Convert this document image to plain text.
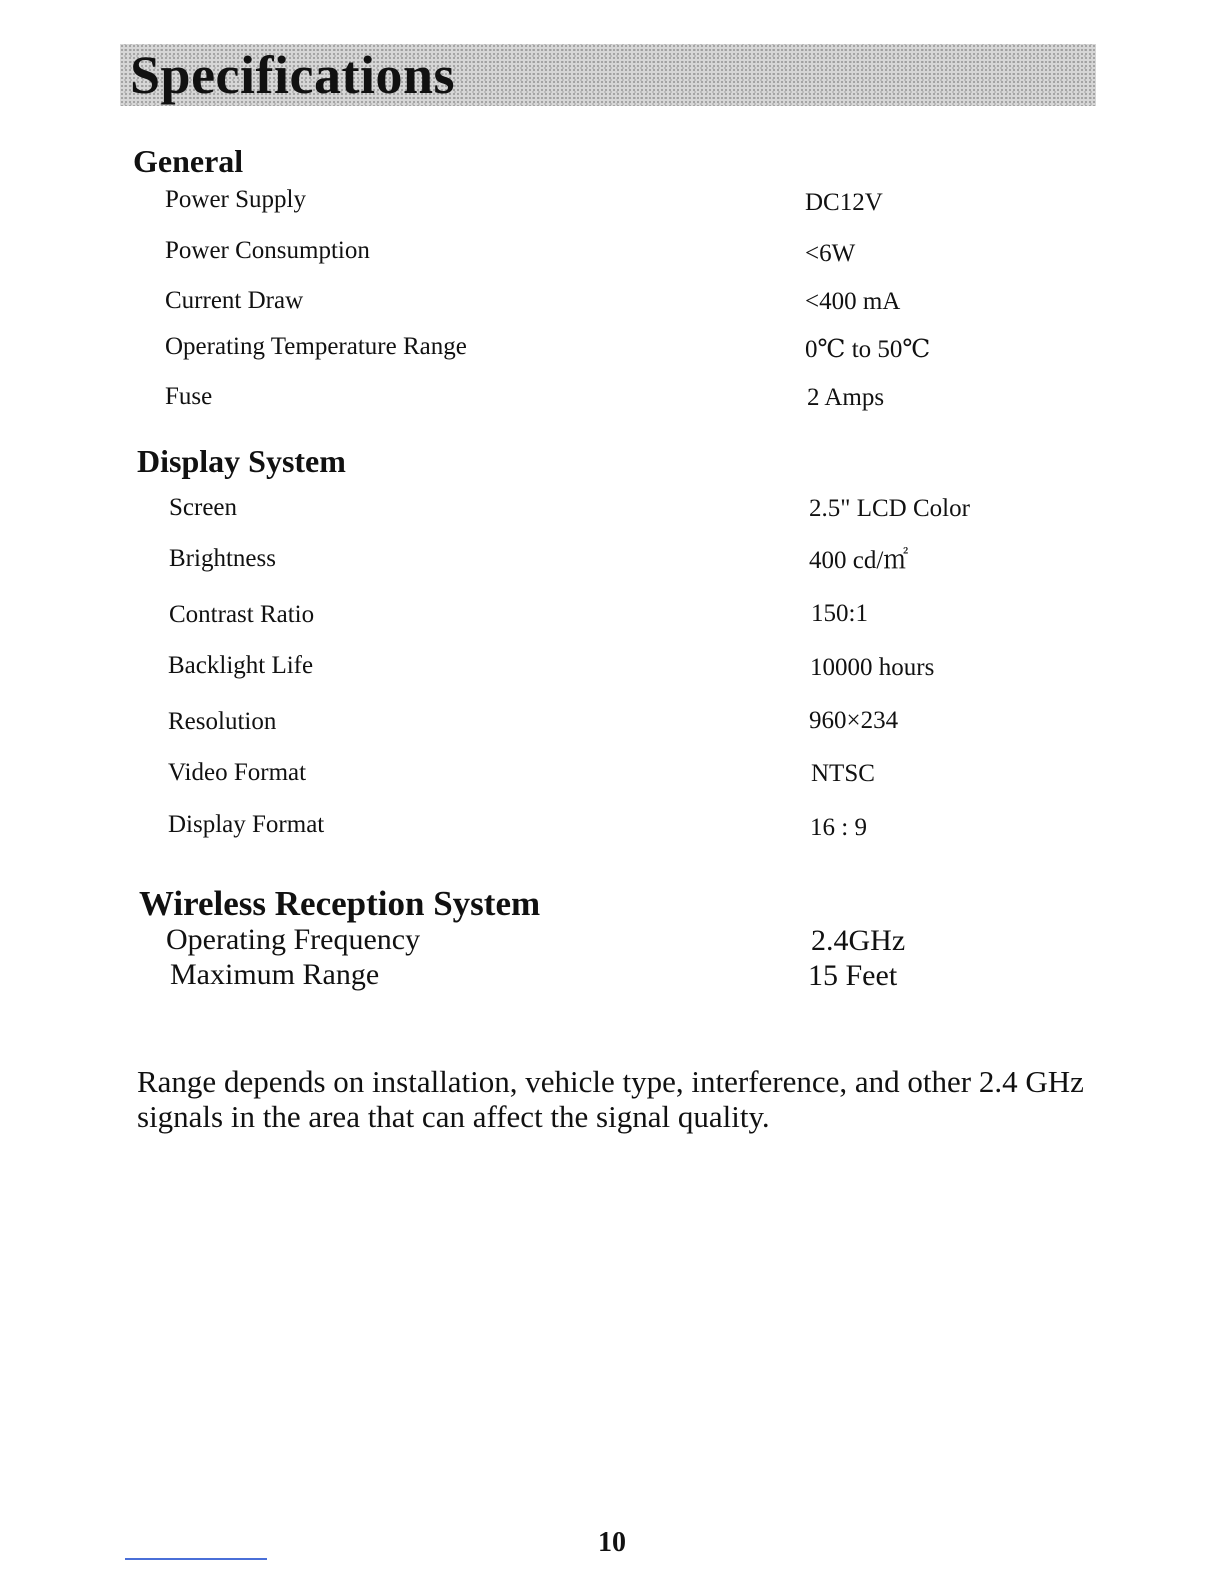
Specifications
General
Power Supply	DC12V
Power Consumption	<6W
Current Draw	<400 mA
Operating Temperature Range	0℃ to 50℃
Fuse	2 Amps
Display System
Screen	2.5" LCD Color
Brightness	400 cd/㎡
Contrast Ratio	150:1
Backlight Life	10000 hours
Resolution	960×234
Video Format	NTSC
Display Format	16 : 9
Wireless Reception System
Operating Frequency	2.4GHz
Maximum Range	15 Feet
Range depends on installation, vehicle type, interference, and other 2.4 GHz signals in the area that can affect the signal quality.
10
